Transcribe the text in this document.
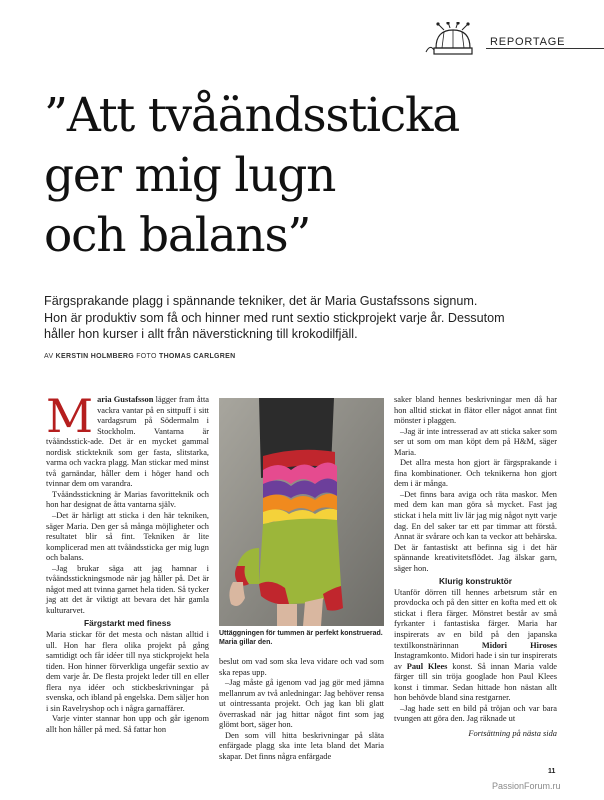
REPORTAGE
”Att tvåändssticka
ger mig lugn
och balans”
Färgsprakande plagg i spännande tekniker, det är Maria Gustafssons signum.
Hon är produktiv som få och hinner med runt sextio stickprojekt varje år. Dessutom
håller hon kurser i allt från näverstickning till krokodilfjäll.
AV KERSTIN HOLMBERG FOTO THOMAS CARLGREN

Maria Gustafsson lägger fram åtta vackra vantar på en sittpuff i sitt vardagsrum på Södermalm i Stockholm. Vantarna är tvåändsstick-ade. Det är en mycket gammal nordisk stickteknik som ger fasta, slitstarka, varma och vackra plagg. Man stickar med minst två garnändar, håller dem i höger hand och tvinnar dem om varandra.

Tvåändsstickning är Marias favoritteknik och hon har designat de åtta vantarna själv.

–Det är härligt att sticka i den här tekniken, säger Maria. Den ger så många möjligheter och resultatet blir så fint. Tekniken är lite komplicerad men att tvåändssticka ger mig lugn och balans.

–Jag brukar säga att jag hamnar i tvåändsstickningsmode när jag håller på. Det är något med att tvinna garnet hela tiden. Så tycker jag att det är viktigt att bevara det här gamla kulturarvet.

Färgstarkt med finess

Maria stickar för det mesta och nästan alltid i ull. Hon har flera olika projekt på gång samtidigt och får idéer till nya stickprojekt hela tiden. Hon hinner förverkliga ungefär sextio av dem varje år. De flesta projekt leder till en eller flera nya idéer och stickbeskrivningar på svenska, och ibland på engelska. Dem säljer hon i sin Ravelryshop och i några garnaffärer.

Varje vinter stannar hon upp och går igenom allt hon håller på med. Så fattar hon

Uttäggningen för tummen är perfekt konstruerad. Maria gillar den.

beslut om vad som ska leva vidare och vad som ska repas upp.

–Jag måste gå igenom vad jag gör med jämna mellanrum av två anledningar: Jag behöver rensa ut ointressanta projekt. Och jag kan bli glatt överraskad när jag hittar något fint som jag glömt bort, säger hon.

Den som vill hitta beskrivningar på släta enfärgade plagg ska inte leta bland det Maria skapar. Det finns några enfärgade

saker bland hennes beskrivningar men då har hon alltid stickat in flätor eller något annat fint mönster i plaggen.

–Jag är inte intresserad av att sticka saker som ser ut som om man köpt dem på H&M, säger Maria.

Det allra mesta hon gjort är färgsprakande i fina kombinationer. Och teknikerna hon gjort dem i är många.

–Det finns bara aviga och räta maskor. Men med dem kan man göra så mycket. Fast jag stickat i hela mitt liv lär jag mig något nytt varje dag. En del saker tar ett par timmar att förstå. Annat är svårare och kan ta veckor att behärska. Det är fantastiskt att befinna sig i det här spännande kreativitetsflödet. Jag älskar garn, säger hon.

Klurig konstruktör

Utanför dörren till hennes arbetsrum står en provdocka och på den sitter en kofta med ett ok stickat i flera färger. Mönstret består av små fyrkanter i fantastiska färger. Maria har inspirerats av en bild på den japanska textilkonstnärinnan Midori Hiroses Instagramkonto. Midori hade i sin tur inspirerats av Paul Klees konst. Så innan Maria valde färger till sin tröja googlade hon Paul Klees konst i timmar. Sedan hittade hon nästan allt hon behövde bland sina restgarner.

–Jag hade sett en bild på tröjan och var bara tvungen att göra den. Jag räknade ut

Fortsättning på nästa sida
11
PassionForum.ru
